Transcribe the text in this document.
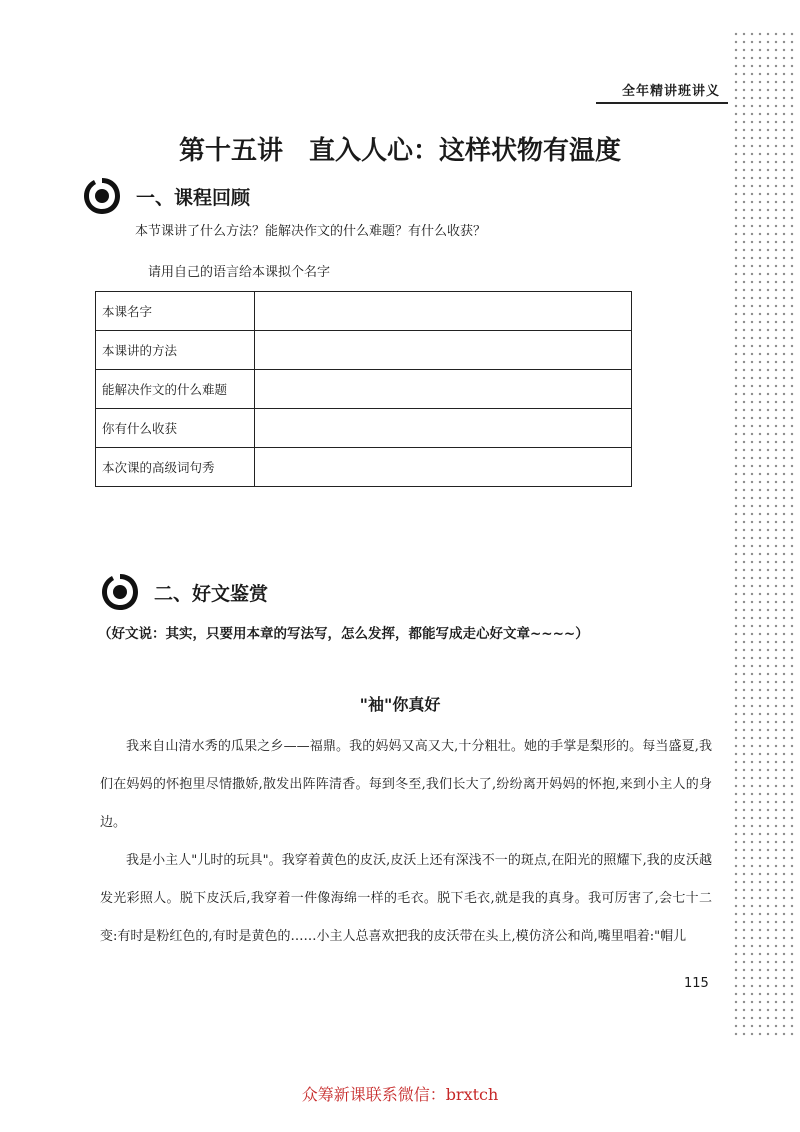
全年精讲班讲义
第十五讲　直入人心：这样状物有温度
一、课程回顾
本节课讲了什么方法？能解决作文的什么难题？有什么收获？
请用自己的语言给本课拟个名字
本课名字	
本课讲的方法	
能解决作文的什么难题	
你有什么收获	
本次课的高级词句秀	
二、好文鉴赏
（好文说：其实，只要用本章的写法写，怎么发挥，都能写成走心好文章~~~~）
"袖"你真好
我来自山清水秀的瓜果之乡——福鼎。我的妈妈又高又大,十分粗壮。她的手掌是梨形的。每当盛夏,我们在妈妈的怀抱里尽情撒娇,散发出阵阵清香。每到冬至,我们长大了,纷纷离开妈妈的怀抱,来到小主人的身边。
我是小主人"儿时的玩具"。我穿着黄色的皮沃,皮沃上还有深浅不一的斑点,在阳光的照耀下,我的皮沃越发光彩照人。脱下皮沃后,我穿着一件像海绵一样的毛衣。脱下毛衣,就是我的真身。我可厉害了,会七十二变:有时是粉红色的,有时是黄色的……小主人总喜欢把我的皮沃带在头上,模仿济公和尚,嘴里唱着:"帽儿
115
众筹新课联系微信：brxtch
